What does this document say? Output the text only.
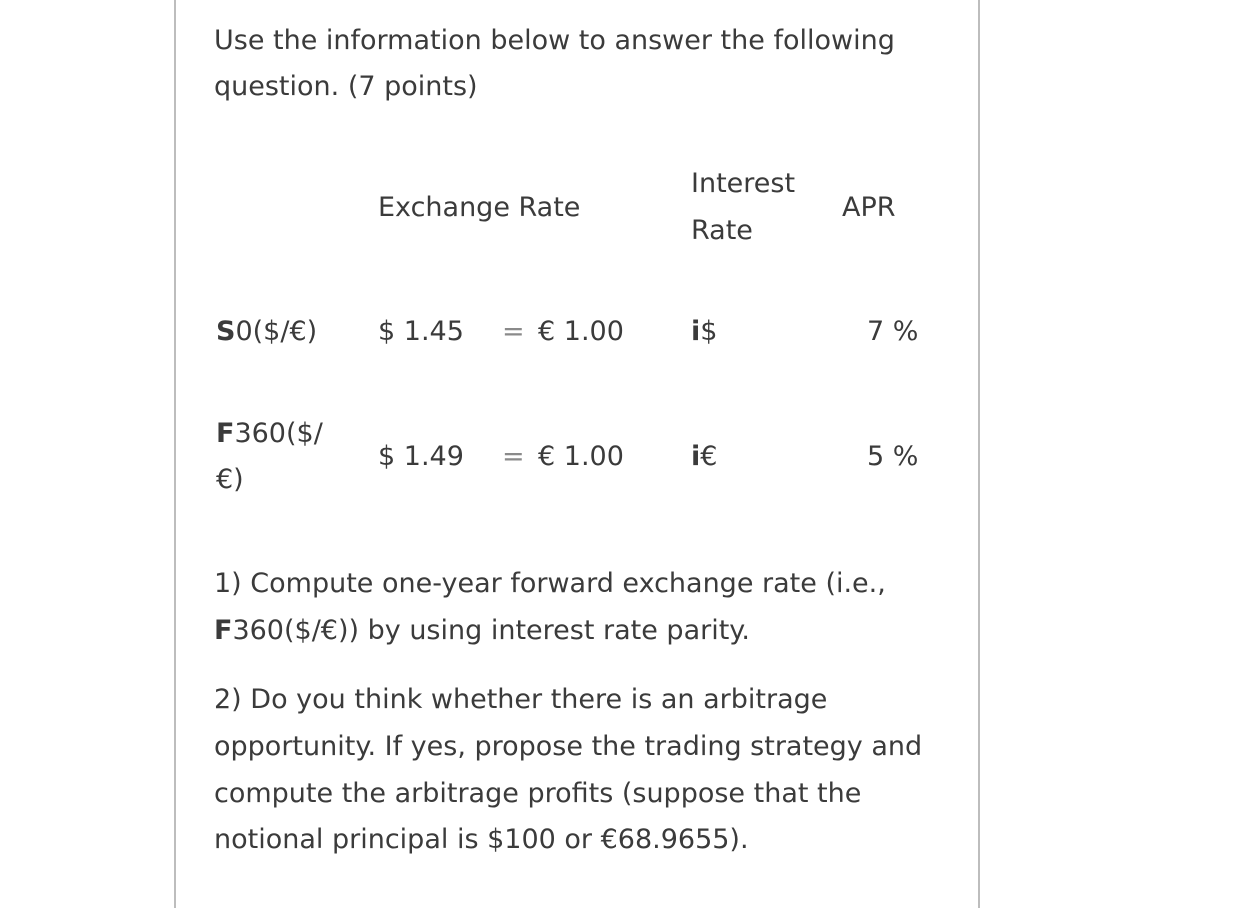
Use the information below to answer the following
question. (7 points)
Exchange Rate
Interest
Rate
APR
S0($/€) $ 1.45 = € 1.00 i$	7 %
F360($/
€)
$ 1.49 = € 1.00 i€	5 %
1) Compute one-year forward exchange rate (i.e.,
F360($/€)) by using interest rate parity.
2) Do you think whether there is an arbitrage
opportunity. If yes, propose the trading strategy and
compute the arbitrage profits (suppose that the
notional principal is $100 or €68.9655).
